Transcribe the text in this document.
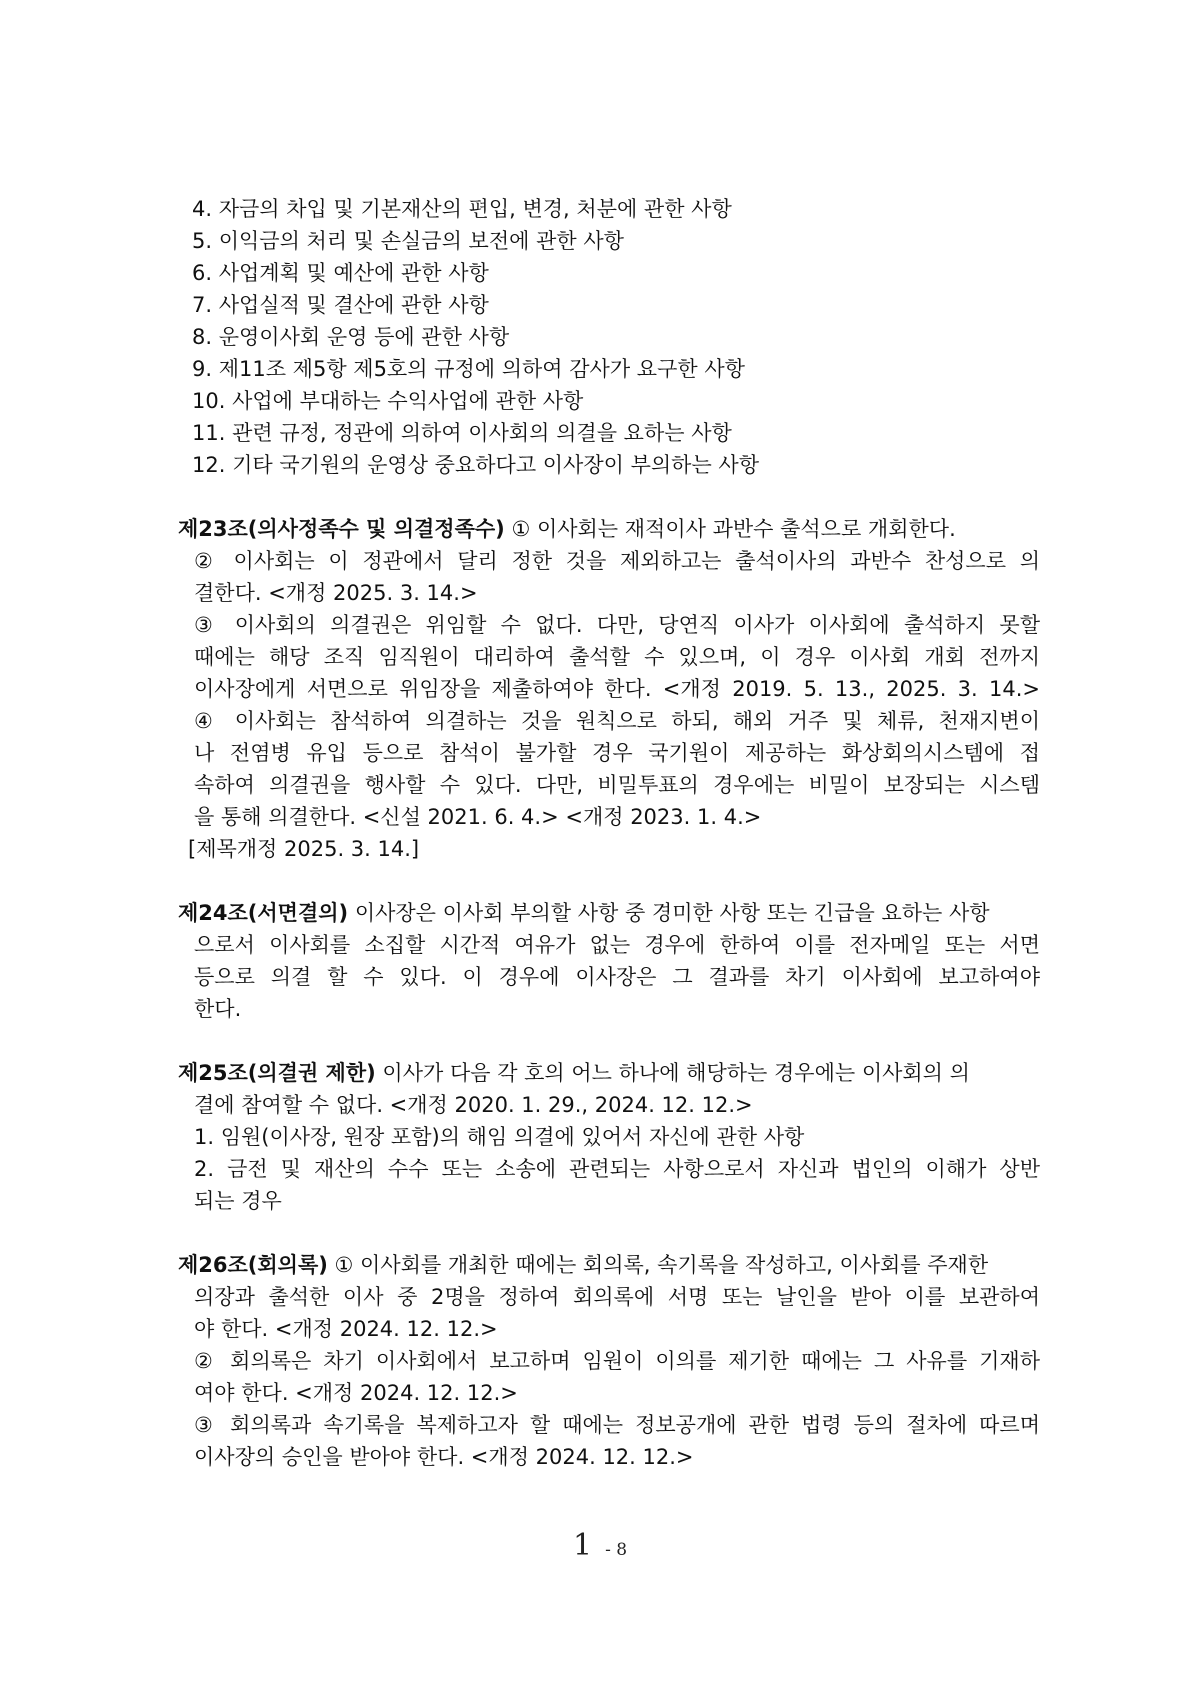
4. 자금의 차입 및 기본재산의 편입, 변경, 처분에 관한 사항
5. 이익금의 처리 및 손실금의 보전에 관한 사항
6. 사업계획 및 예산에 관한 사항
7. 사업실적 및 결산에 관한 사항
8. 운영이사회 운영 등에 관한 사항
9. 제11조 제5항 제5호의 규정에 의하여 감사가 요구한 사항
10. 사업에 부대하는 수익사업에 관한 사항
11. 관련 규정, 정관에 의하여 이사회의 의결을 요하는 사항
12. 기타 국기원의 운영상 중요하다고 이사장이 부의하는 사항
제23조(의사정족수 및 의결정족수) ① 이사회는 재적이사 과반수 출석으로 개회한다.
② 이사회는 이 정관에서 달리 정한 것을 제외하고는 출석이사의 과반수 찬성으로 의
결한다. <개정 2025. 3. 14.>
③ 이사회의 의결권은 위임할 수 없다. 다만, 당연직 이사가 이사회에 출석하지 못할
때에는 해당 조직 임직원이 대리하여 출석할 수 있으며, 이 경우 이사회 개회 전까지
이사장에게 서면으로 위임장을 제출하여야 한다. <개정 2019. 5. 13., 2025. 3. 14.>
④ 이사회는 참석하여 의결하는 것을 원칙으로 하되, 해외 거주 및 체류, 천재지변이
나 전염병 유입 등으로 참석이 불가할 경우 국기원이 제공하는 화상회의시스템에 접
속하여 의결권을 행사할 수 있다. 다만, 비밀투표의 경우에는 비밀이 보장되는 시스템
을 통해 의결한다. <신설 2021. 6. 4.> <개정 2023. 1. 4.>
[제목개정 2025. 3. 14.]
제24조(서면결의) 이사장은 이사회 부의할 사항 중 경미한 사항 또는 긴급을 요하는 사항
으로서 이사회를 소집할 시간적 여유가 없는 경우에 한하여 이를 전자메일 또는 서면
등으로 의결 할 수 있다. 이 경우에 이사장은 그 결과를 차기 이사회에 보고하여야
한다.
제25조(의결권 제한) 이사가 다음 각 호의 어느 하나에 해당하는 경우에는 이사회의 의
결에 참여할 수 없다. <개정 2020. 1. 29., 2024. 12. 12.>
1. 임원(이사장, 원장 포함)의 해임 의결에 있어서 자신에 관한 사항
2. 금전 및 재산의 수수 또는 소송에 관련되는 사항으로서 자신과 법인의 이해가 상반
되는 경우
제26조(회의록) ① 이사회를 개최한 때에는 회의록, 속기록을 작성하고, 이사회를 주재한
의장과 출석한 이사 중 2명을 정하여 회의록에 서명 또는 날인을 받아 이를 보관하여
야 한다. <개정 2024. 12. 12.>
② 회의록은 차기 이사회에서 보고하며 임원이 이의를 제기한 때에는 그 사유를 기재하
여야 한다. <개정 2024. 12. 12.>
③ 회의록과 속기록을 복제하고자 할 때에는 정보공개에 관한 법령 등의 절차에 따르며
이사장의 승인을 받아야 한다. <개정 2024. 12. 12.>
1 - 8
